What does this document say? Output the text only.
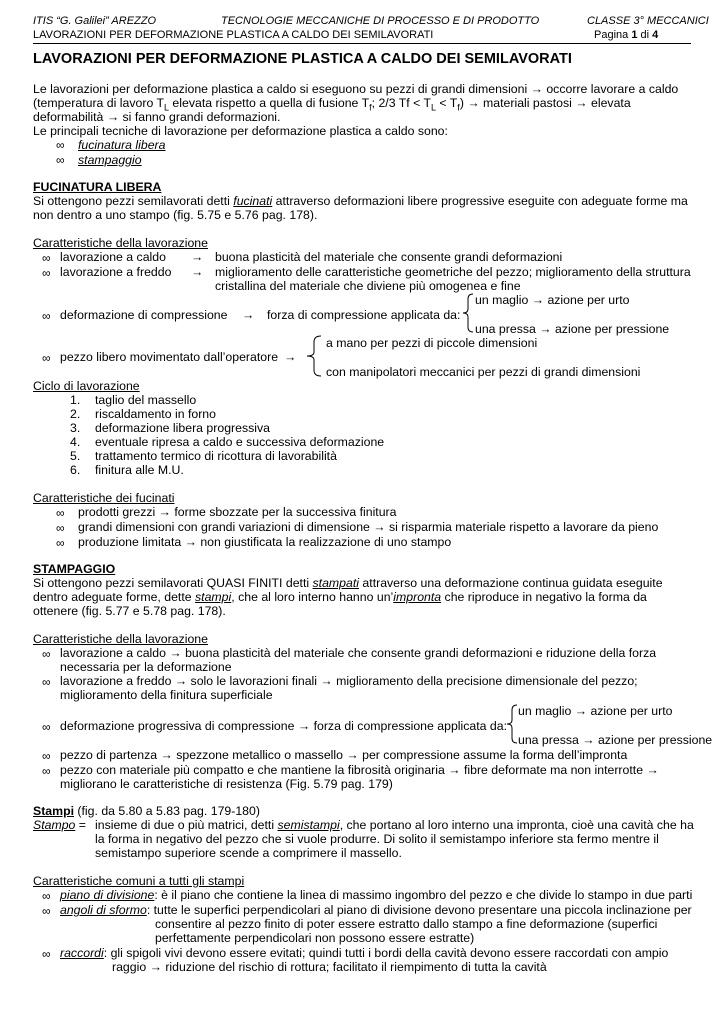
ITIS “G. Galilei” AREZZO	TECNOLOGIE MECCANICHE DI PROCESSO E DI PRODOTTO	CLASSE 3° MECCANICI
LAVORAZIONI PER DEFORMAZIONE PLASTICA A CALDO DEI SEMILAVORATI	Pagina 1 di 4
LAVORAZIONI PER DEFORMAZIONE PLASTICA A CALDO DEI SEMILAVORATI
Le lavorazioni per deformazione plastica a caldo si eseguono su pezzi di grandi dimensioni → occorre lavorare a caldo
(temperatura di lavoro $T_L$ elevata rispetto a quella di fusione $T_f$; 2/3 $Tf < T_L < T_f$) → materiali pastosi → elevata
deformabilità → si fanno grandi deformazioni.
Le principali tecniche di lavorazione per deformazione plastica a caldo sono:
∞ fucinatura libera
∞ stampaggio
FUCINATURA LIBERA
Si ottengono pezzi semilavorati detti fucinati attraverso deformazioni libere progressive eseguite con adeguate forme ma
non dentro a uno stampo (fig. 5.75 e 5.76 pag. 178).
Caratteristiche della lavorazione
∞ lavorazione a caldo → buona plasticità del materiale che consente grandi deformazioni
∞ lavorazione a freddo → miglioramento delle caratteristiche geometriche del pezzo; miglioramento della struttura
cristallina del materiale che diviene più omogenea e fine
un maglio → azione per urto
∞ deformazione di compressione → forza di compressione applicata da:
una pressa → azione per pressione
a mano per pezzi di piccole dimensioni
∞ pezzo libero movimentato dall’operatore →
con manipolatori meccanici per pezzi di grandi dimensioni
Ciclo di lavorazione
1. taglio del massello
2. riscaldamento in forno
3. deformazione libera progressiva
4. eventuale ripresa a caldo e successiva deformazione
5. trattamento termico di ricottura di lavorabilità
6. finitura alle M.U.
Caratteristiche dei fucinati
∞ prodotti grezzi → forme sbozzate per la successiva finitura
∞ grandi dimensioni con grandi variazioni di dimensione → si risparmia materiale rispetto a lavorare da pieno
∞ produzione limitata → non giustificata la realizzazione di uno stampo
STAMPAGGIO
Si ottengono pezzi semilavorati QUASI FINITI detti stampati attraverso una deformazione continua guidata eseguite
dentro adeguate forme, dette stampi, che al loro interno hanno un’impronta che riproduce in negativo la forma da
ottenere (fig. 5.77 e 5.78 pag. 178).
Caratteristiche della lavorazione
∞ lavorazione a caldo → buona plasticità del materiale che consente grandi deformazioni e riduzione della forza
necessaria per la deformazione
∞ lavorazione a freddo → solo le lavorazioni finali → miglioramento della precisione dimensionale del pezzo;
miglioramento della finitura superficiale
un maglio → azione per urto
∞ deformazione progressiva di compressione → forza di compressione applicata da:
una pressa → azione per pressione
∞ pezzo di partenza → spezzone metallico o massello → per compressione assume la forma dell’impronta
∞ pezzo con materiale più compatto e che mantiene la fibrosità originaria → fibre deformate ma non interrotte →
migliorano le caratteristiche di resistenza (Fig. 5.79 pag. 179)
Stampi (fig. da 5.80 a 5.83 pag. 179-180)
Stampo = insieme di due o più matrici, detti semistampi, che portano al loro interno una impronta, cioè una cavità che ha
la forma in negativo del pezzo che si vuole produrre. Di solito il semistampo inferiore sta fermo mentre il
semistampo superiore scende a comprimere il massello.
Caratteristiche comuni a tutti gli stampi
∞ piano di divisione: è il piano che contiene la linea di massimo ingombro del pezzo e che divide lo stampo in due parti
∞ angoli di sformo: tutte le superfici perpendicolari al piano di divisione devono presentare una piccola inclinazione per
consentire al pezzo finito di poter essere estratto dallo stampo a fine deformazione (superfici
perfettamente perpendicolari non possono essere estratte)
∞ raccordi: gli spigoli vivi devono essere evitati; quindi tutti i bordi della cavità devono essere raccordati con ampio
raggio → riduzione del rischio di rottura; facilitato il riempimento di tutta la cavità
